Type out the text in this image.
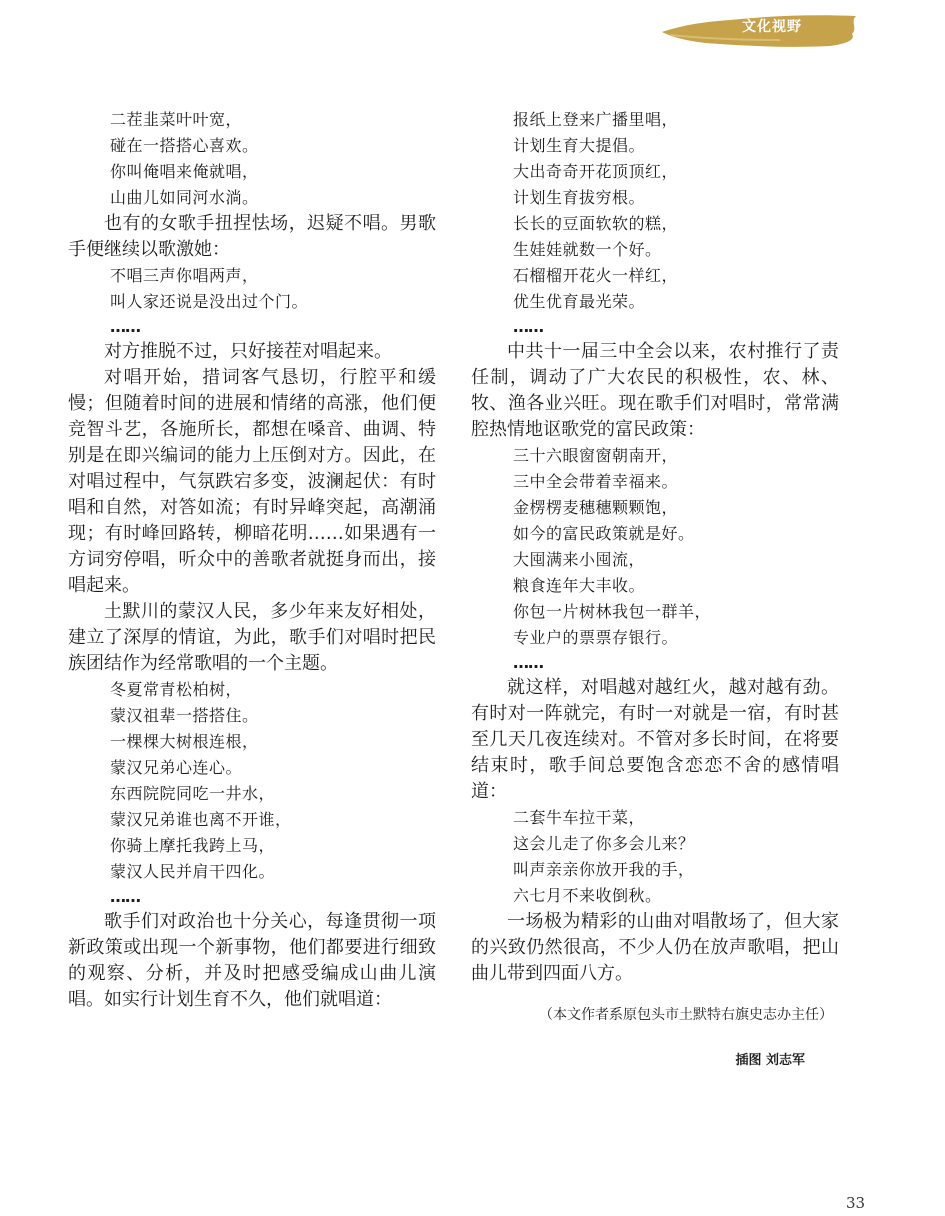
文化视野
二茬韭菜叶叶宽，
碰在一搭搭心喜欢。
你叫俺唱来俺就唱，
山曲儿如同河水淌。
也有的女歌手扭捏怯场，迟疑不唱。男歌手便继续以歌激她：
不唱三声你唱两声，
叫人家还说是没出过个门。
……
对方推脱不过，只好接茬对唱起来。
对唱开始，措词客气恳切，行腔平和缓慢；但随着时间的进展和情绪的高涨，他们便竞智斗艺，各施所长，都想在嗓音、曲调、特别是在即兴编词的能力上压倒对方。因此，在对唱过程中，气氛跌宕多变，波澜起伏：有时唱和自然，对答如流；有时异峰突起，高潮涌现；有时峰回路转，柳暗花明……如果遇有一方词穷停唱，听众中的善歌者就挺身而出，接唱起来。
土默川的蒙汉人民，多少年来友好相处，建立了深厚的情谊，为此，歌手们对唱时把民族团结作为经常歌唱的一个主题。
冬夏常青松柏树，
蒙汉祖辈一搭搭住。
一棵棵大树根连根，
蒙汉兄弟心连心。
东西院院同吃一井水，
蒙汉兄弟谁也离不开谁，
你骑上摩托我跨上马，
蒙汉人民并肩干四化。
……
歌手们对政治也十分关心，每逢贯彻一项新政策或出现一个新事物，他们都要进行细致的观察、分析，并及时把感受编成山曲儿演唱。如实行计划生育不久，他们就唱道：
报纸上登来广播里唱，
计划生育大提倡。
大出奇奇开花顶顶红，
计划生育拔穷根。
长长的豆面软软的糕，
生娃娃就数一个好。
石榴榴开花火一样红，
优生优育最光荣。
……
中共十一届三中全会以来，农村推行了责任制，调动了广大农民的积极性，农、林、牧、渔各业兴旺。现在歌手们对唱时，常常满腔热情地讴歌党的富民政策：
三十六眼窗窗朝南开，
三中全会带着幸福来。
金楞楞麦穗穗颗颗饱，
如今的富民政策就是好。
大囤满来小囤流，
粮食连年大丰收。
你包一片树林我包一群羊，
专业户的票票存银行。
……
就这样，对唱越对越红火，越对越有劲。有时对一阵就完，有时一对就是一宿，有时甚至几天几夜连续对。不管对多长时间，在将要结束时，歌手间总要饱含恋恋不舍的感情唱道：
二套牛车拉干菜，
这会儿走了你多会儿来？
叫声亲亲你放开我的手，
六七月不来收倒秋。
一场极为精彩的山曲对唱散场了，但大家的兴致仍然很高，不少人仍在放声歌唱，把山曲儿带到四面八方。
（本文作者系原包头市土默特右旗史志办主任）
插图 刘志军
33
